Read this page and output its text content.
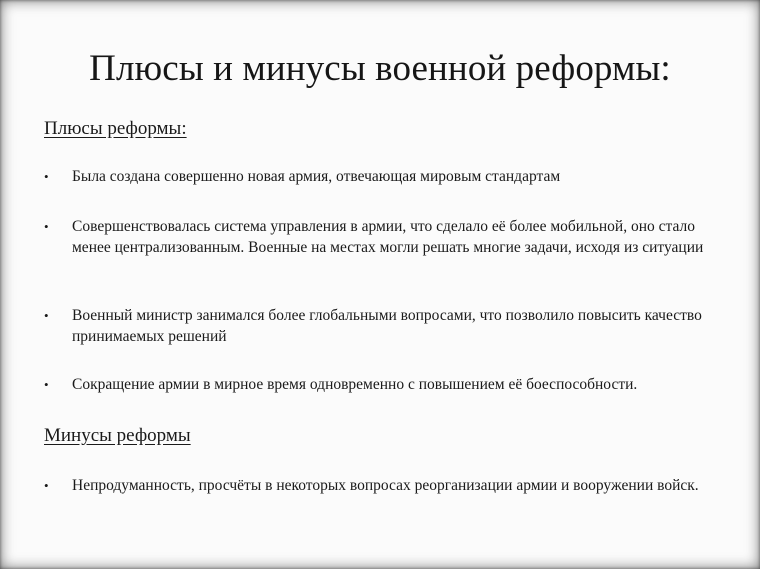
Плюсы и минусы военной реформы:
Плюсы реформы:
•	Была создана совершенно новая армия, отвечающая мировым стандартам
•	Совершенствовалась система управления в армии, что сделало её более мобильной, оно стало менее централизованным. Военные на местах могли решать многие задачи, исходя из ситуации
•	Военный министр занимался более глобальными вопросами, что позволило повысить качество принимаемых решений
•	Сокращение армии в мирное время одновременно с повышением её боеспособности.
Минусы реформы
•	Непродуманность, просчёты в некоторых вопросах реорганизации армии и вооружении войск.
